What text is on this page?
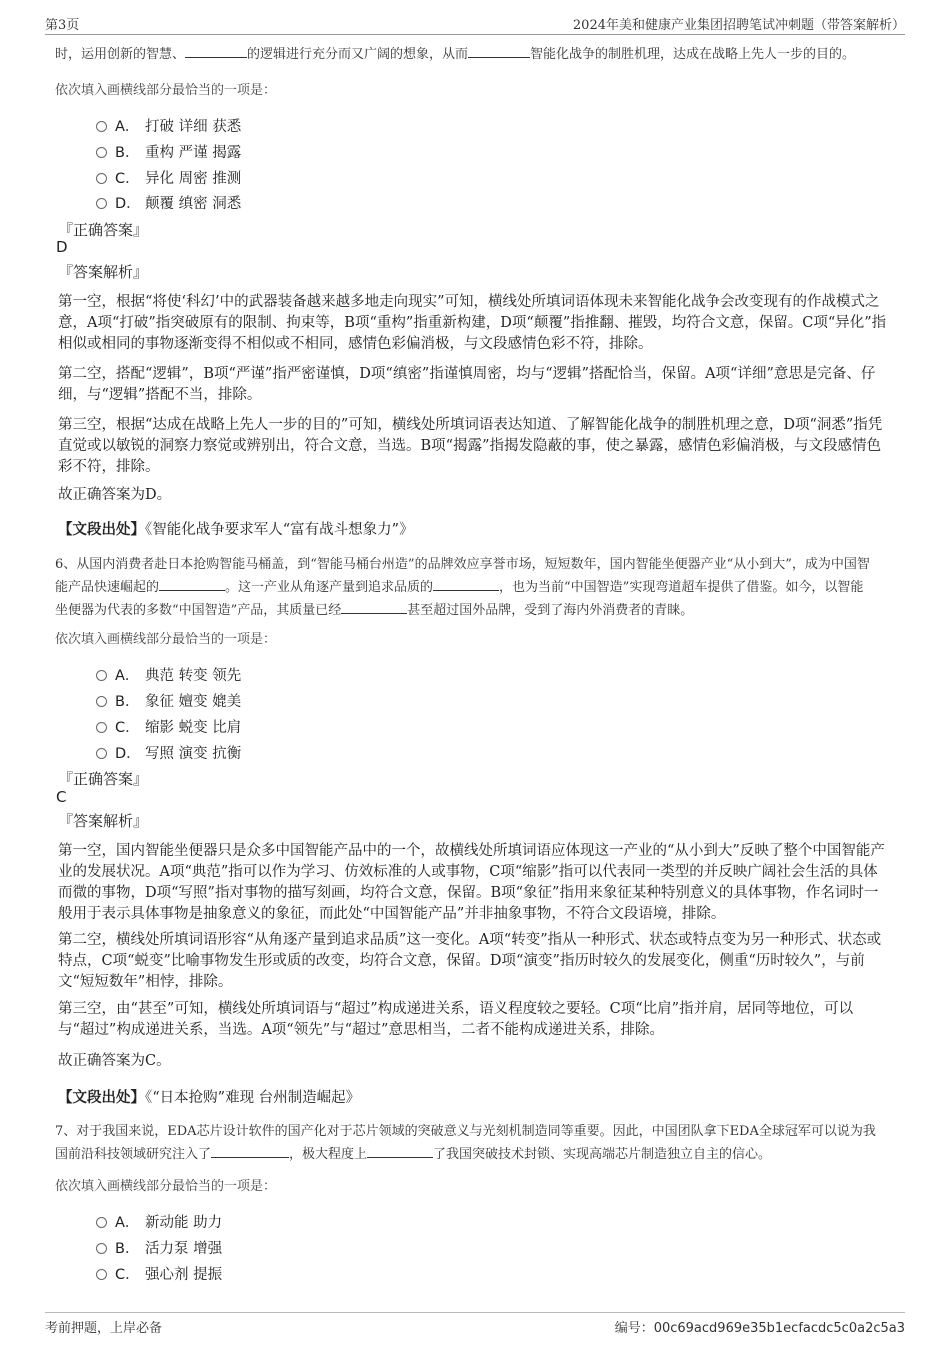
第3页	2024年美和健康产业集团招聘笔试冲刺题（带答案解析）
时，运用创新的智慧、	的逻辑进行充分而又广阔的想象，从而	智能化战争的制胜机理，达成在战略上先人一步的目的。
依次填入画横线部分最恰当的一项是：
A． 打破 详细 获悉
B． 重构 严谨 揭露
C． 异化 周密 推测
D． 颠覆 缜密 洞悉
『正确答案』
D
『答案解析』
第一空，根据“将使‘科幻’中的武器装备越来越多地走向现实”可知，横线处所填词语体现未来智能化战争会改变现有的作战模式之意，A项“打破”指突破原有的限制、拘束等，B项“重构”指重新构建，D项“颠覆”指推翻、摧毁，均符合文意，保留。C项“异化”指相似或相同的事物逐渐变得不相似或不相同，感情色彩偏消极，与文段感情色彩不符，排除。
第二空，搭配“逻辑”，B项“严谨”指严密谨慎，D项“缜密”指谨慎周密，均与“逻辑”搭配恰当，保留。A项“详细”意思是完备、仔细，与“逻辑”搭配不当，排除。
第三空，根据“达成在战略上先人一步的目的”可知，横线处所填词语表达知道、了解智能化战争的制胜机理之意，D项“洞悉”指凭直觉或以敏锐的洞察力察觉或辨别出，符合文意，当选。B项“揭露”指揭发隐蔽的事，使之暴露，感情色彩偏消极，与文段感情色彩不符，排除。
故正确答案为D。
【文段出处】《智能化战争要求军人“富有战斗想象力”》
6、从国内消费者赴日本抢购智能马桶盖，到“智能马桶台州造”的品牌效应享誉市场，短短数年，国内智能坐便器产业“从小到大”，成为中国智
能产品快速崛起的	。这一产业从角逐产量到追求品质的	，也为当前“中国智造”实现弯道超车提供了借鉴。如今，以智能
坐便器为代表的多数“中国智造”产品，其质量已经	甚至超过国外品牌，受到了海内外消费者的青睐。
依次填入画横线部分最恰当的一项是：
A． 典范 转变 领先
B． 象征 嬗变 媲美
C． 缩影 蜕变 比肩
D． 写照 演变 抗衡
『正确答案』
C
『答案解析』
第一空，国内智能坐便器只是众多中国智能产品中的一个，故横线处所填词语应体现这一产业的“从小到大”反映了整个中国智能产业的发展状况。A项“典范”指可以作为学习、仿效标准的人或事物，C项“缩影”指可以代表同一类型的并反映广阔社会生活的具体而微的事物，D项“写照”指对事物的描写刻画，均符合文意，保留。B项“象征”指用来象征某种特别意义的具体事物，作名词时一般用于表示具体事物是抽象意义的象征，而此处“中国智能产品”并非抽象事物，不符合文段语境，排除。
第二空，横线处所填词语形容“从角逐产量到追求品质”这一变化。A项“转变”指从一种形式、状态或特点变为另一种形式、状态或特点，C项“蜕变”比喻事物发生形或质的改变，均符合文意，保留。D项“演变”指历时较久的发展变化，侧重“历时较久”，与前文“短短数年”相悖，排除。
第三空，由“甚至”可知，横线处所填词语与“超过”构成递进关系，语义程度较之要轻。C项“比肩”指并肩，居同等地位，可以与“超过”构成递进关系，当选。A项“领先”与“超过”意思相当，二者不能构成递进关系，排除。
故正确答案为C。
【文段出处】《“日本抢购”难现 台州制造崛起》
7、对于我国来说，EDA芯片设计软件的国产化对于芯片领域的突破意义与光刻机制造同等重要。因此，中国团队拿下EDA全球冠军可以说为我
国前沿科技领域研究注入了	，极大程度上	了我国突破技术封锁、实现高端芯片制造独立自主的信心。
依次填入画横线部分最恰当的一项是：
A． 新动能 助力
B． 活力泵 增强
C． 强心剂 提振
考前押题，上岸必备	编号：00c69acd969e35b1ecfacdc5c0a2c5a3
